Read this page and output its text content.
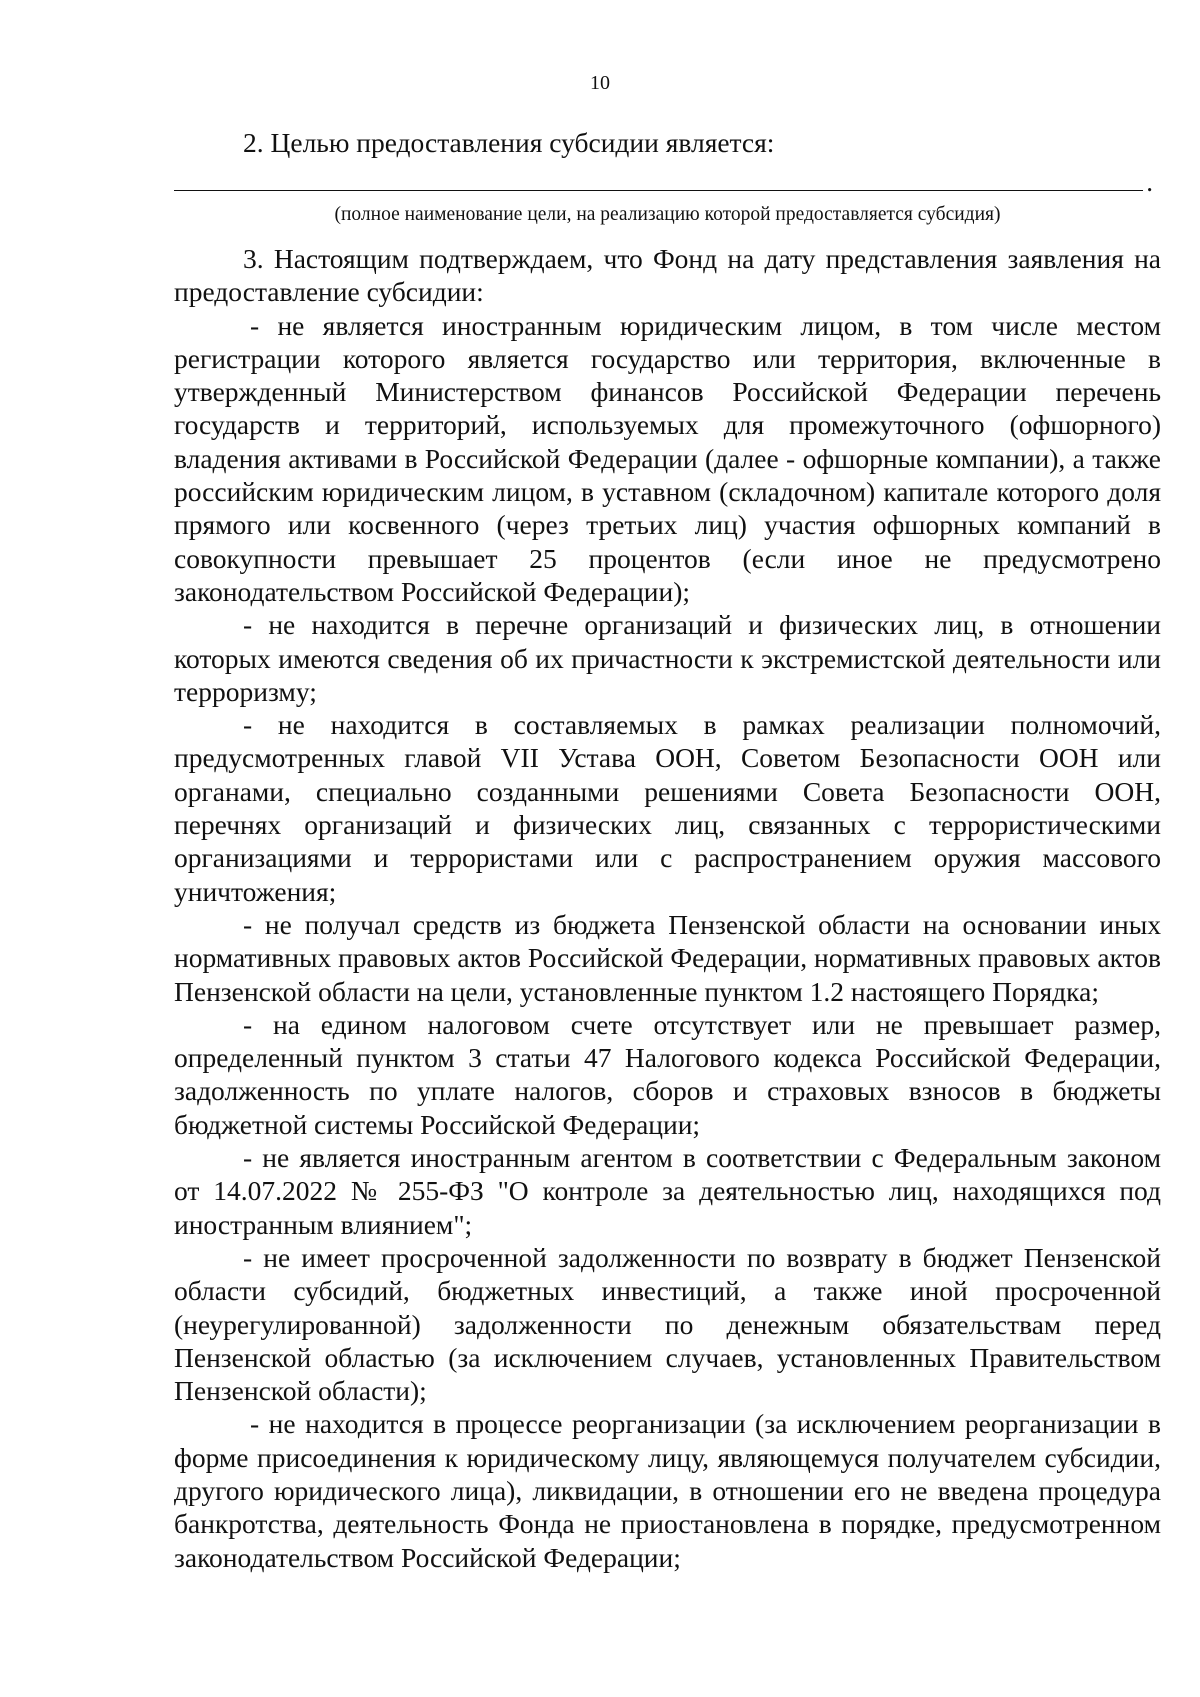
10
2. Целью предоставления субсидии является:
.
(полное наименование цели, на реализацию которой предоставляется субсидия)

3. Настоящим подтверждаем, что Фонд на дату представления заявления на предоставление субсидии:

- не является иностранным юридическим лицом, в том числе местом регистрации которого является государство или территория, включенные в утвержденный Министерством финансов Российской Федерации перечень государств и территорий, используемых для промежуточного (офшорного) владения активами в Российской Федерации (далее - офшорные компании), а также российским юридическим лицом, в уставном (складочном) капитале которого доля прямого или косвенного (через третьих лиц) участия офшорных компаний в совокупности превышает 25 процентов (если иное не предусмотрено законодательством Российской Федерации);

- не находится в перечне организаций и физических лиц, в отношении которых имеются сведения об их причастности к экстремистской деятельности или терроризму;

- не находится в составляемых в рамках реализации полномочий, предусмотренных главой VII Устава ООН, Советом Безопасности ООН или органами, специально созданными решениями Совета Безопасности ООН, перечнях организаций и физических лиц, связанных с террористическими организациями и террористами или с распространением оружия массового уничтожения;

- не получал средств из бюджета Пензенской области на основании иных нормативных правовых актов Российской Федерации, нормативных правовых актов Пензенской области на цели, установленные пунктом 1.2 настоящего Порядка;

- на едином налоговом счете отсутствует или не превышает размер, определенный пунктом 3 статьи 47 Налогового кодекса Российской Федерации, задолженность по уплате налогов, сборов и страховых взносов в бюджеты бюджетной системы Российской Федерации;

- не является иностранным агентом в соответствии с Федеральным законом от 14.07.2022 № 255-ФЗ "О контроле за деятельностью лиц, находящихся под иностранным влиянием";

- не имеет просроченной задолженности по возврату в бюджет Пензенской области субсидий, бюджетных инвестиций, а также иной просроченной (неурегулированной) задолженности по денежным обязательствам перед Пензенской областью (за исключением случаев, установленных Правительством Пензенской области);

- не находится в процессе реорганизации (за исключением реорганизации в форме присоединения к юридическому лицу, являющемуся получателем субсидии, другого юридического лица), ликвидации, в отношении его не введена процедура банкротства, деятельность Фонда не приостановлена в порядке, предусмотренном законодательством Российской Федерации;
